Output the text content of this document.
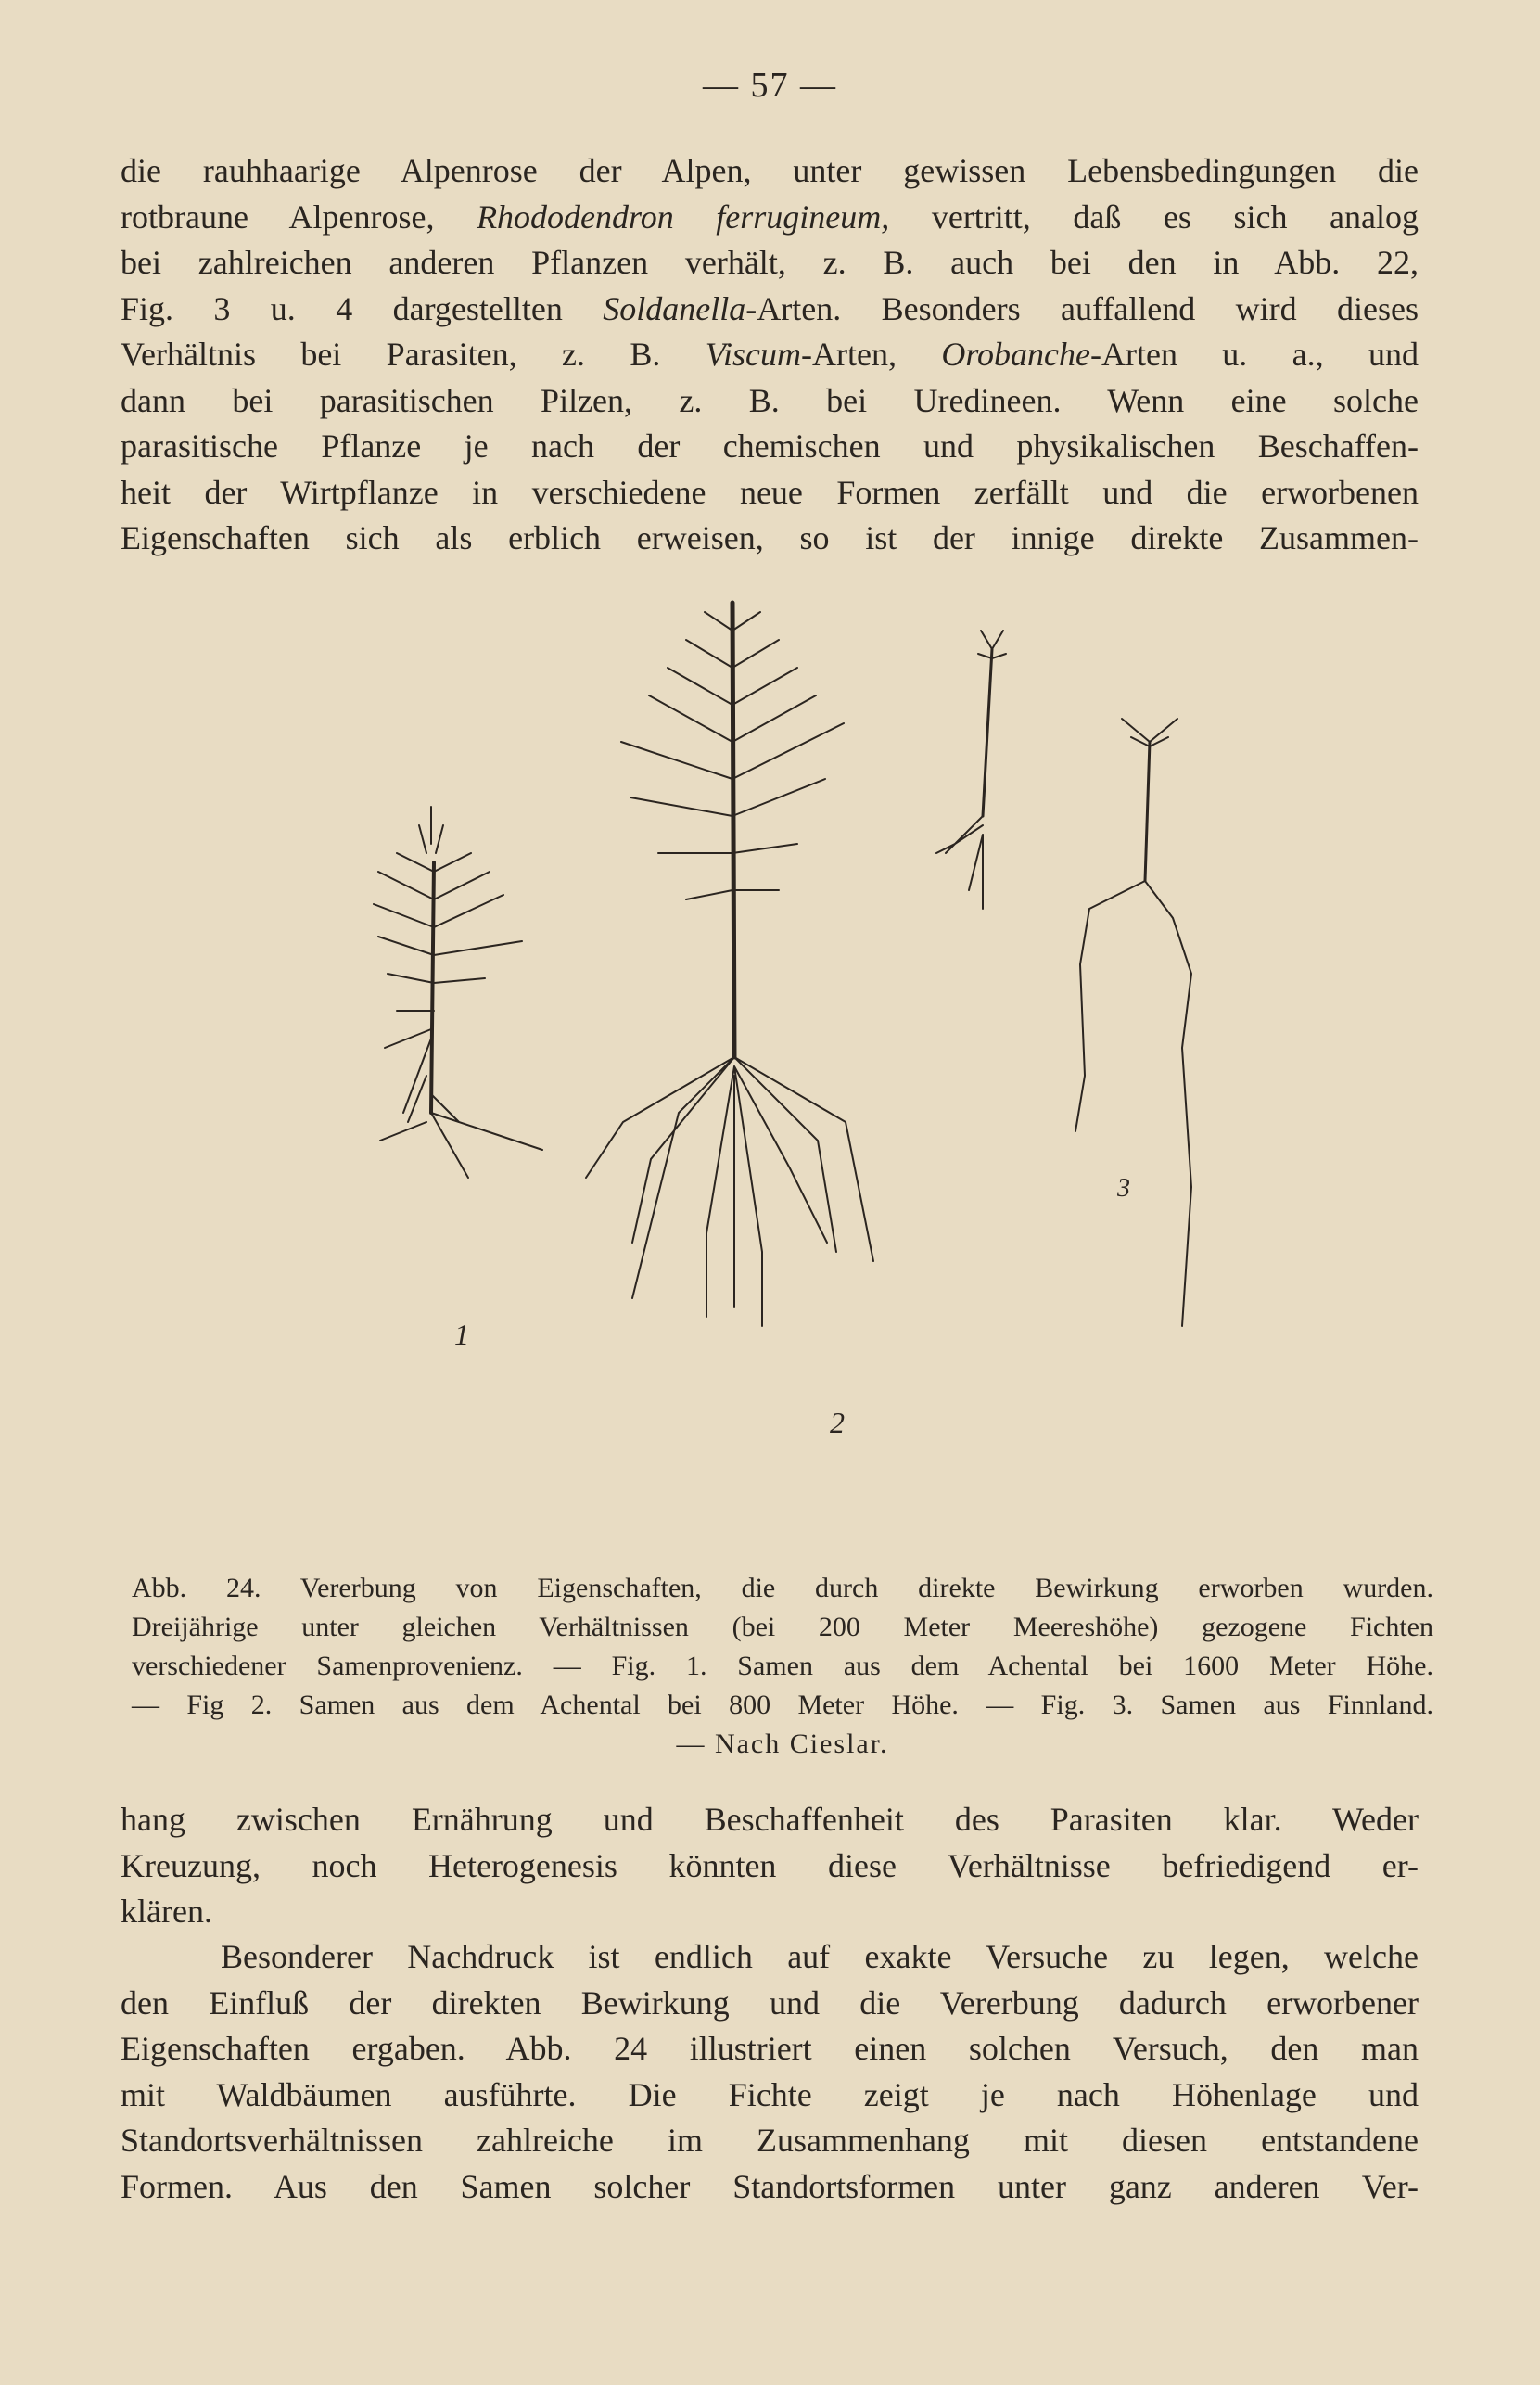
— 57 —
die rauhhaarige Alpenrose der Alpen, unter gewissen Lebensbedingungen die
rotbraune Alpenrose, Rhododendron ferrugineum, vertritt, daß es sich analog
bei zahlreichen anderen Pflanzen verhält, z. B. auch bei den in Abb. 22,
Fig. 3 u. 4 dargestellten Soldanella-Arten. Besonders auffallend wird dieses
Verhältnis bei Parasiten, z. B. Viscum-Arten, Orobanche-Arten u. a., und
dann bei parasitischen Pilzen, z. B. bei Uredineen. Wenn eine solche
parasitische Pflanze je nach der chemischen und physikalischen Beschaffen-
heit der Wirtpflanze in verschiedene neue Formen zerfällt und die erworbenen
Eigenschaften sich als erblich erweisen, so ist der innige direkte Zusammen-
1
2
3
Abb. 24. Vererbung von Eigenschaften, die durch direkte Bewirkung erworben wurden.
Dreijährige unter gleichen Verhältnissen (bei 200 Meter Meereshöhe) gezogene Fichten
verschiedener Samenprovenienz. — Fig. 1. Samen aus dem Achental bei 1600 Meter Höhe.
— Fig 2. Samen aus dem Achental bei 800 Meter Höhe. — Fig. 3. Samen aus Finnland.
— Nach Cieslar.
hang zwischen Ernährung und Beschaffenheit des Parasiten klar. Weder
Kreuzung, noch Heterogenesis könnten diese Verhältnisse befriedigend er-
klären.
Besonderer Nachdruck ist endlich auf exakte Versuche zu legen, welche
den Einfluß der direkten Bewirkung und die Vererbung dadurch erworbener
Eigenschaften ergaben. Abb. 24 illustriert einen solchen Versuch, den man
mit Waldbäumen ausführte. Die Fichte zeigt je nach Höhenlage und
Standortsverhältnissen zahlreiche im Zusammenhang mit diesen entstandene
Formen. Aus den Samen solcher Standortsformen unter ganz anderen Ver-
